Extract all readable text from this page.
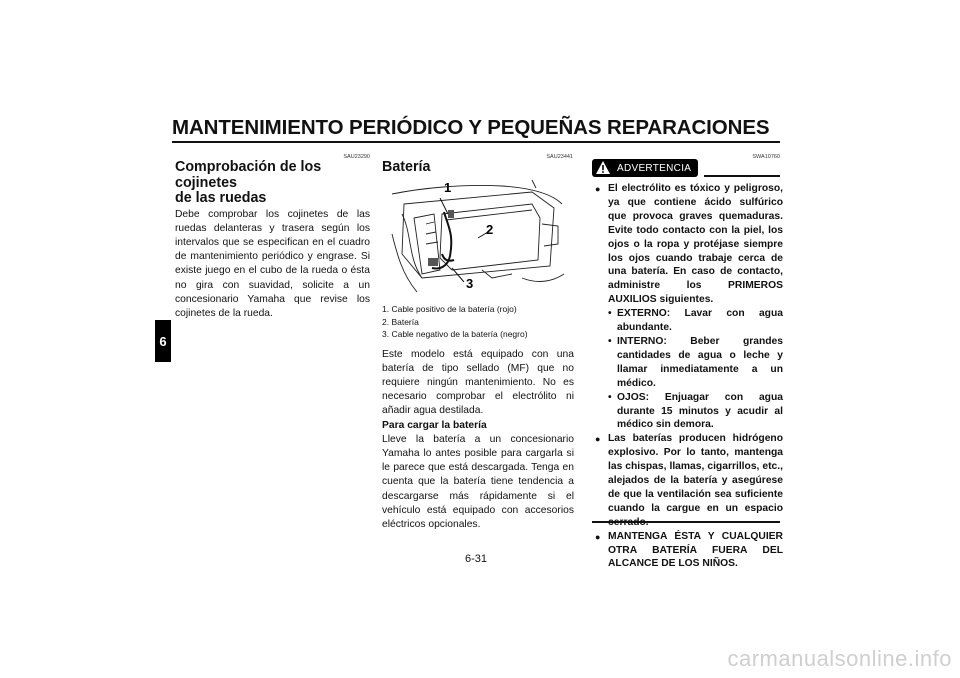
MANTENIMIENTO PERIÓDICO Y PEQUEÑAS REPARACIONES
6
SAU23290
Comprobación de los cojinetes
de las ruedas

Debe comprobar los cojinetes de las ruedas delanteras y trasera según los intervalos que se especifican en el cuadro de mantenimiento periódico y engrase. Si existe juego en el cubo de la rueda o ésta no gira con suavidad, solicite a un concesionario Yamaha que revise los cojinetes de la rueda.

SAU23441
Batería
1
2
3
1. Cable positivo de la batería (rojo)
2. Batería
3. Cable negativo de la batería (negro)

Este modelo está equipado con una batería de tipo sellado (MF) que no requiere ningún mantenimiento. No es necesario comprobar el electrólito ni añadir agua destilada.

Para cargar la batería

Lleve la batería a un concesionario Yamaha lo antes posible para cargarla si le parece que está descargada. Tenga en cuenta que la batería tiene tendencia a descargarse más rápidamente si el vehículo está equipado con accesorios eléctricos opcionales.

SWA10760
ADVERTENCIA
● El electrólito es tóxico y peligroso, ya que contiene ácido sulfúrico que provoca graves quemaduras. Evite todo contacto con la piel, los ojos o la ropa y protéjase siempre los ojos cuando trabaje cerca de una batería. En caso de contacto, administre los PRIMEROS AUXILIOS siguientes.
• EXTERNO: Lavar con agua abundante.
• INTERNO: Beber grandes cantidades de agua o leche y llamar inmediatamente a un médico.
• OJOS: Enjuagar con agua durante 15 minutos y acudir al médico sin demora.
● Las baterías producen hidrógeno explosivo. Por lo tanto, mantenga las chispas, llamas, cigarrillos, etc., alejados de la batería y asegúrese de que la ventilación sea suficiente cuando la cargue en un espacio
● MANTENGA ÉSTA Y CUALQUIER OTRA BATERÍA FUERA DEL ALCANCE DE LOS NIÑOS.
6-31
carmanualsonline.info
